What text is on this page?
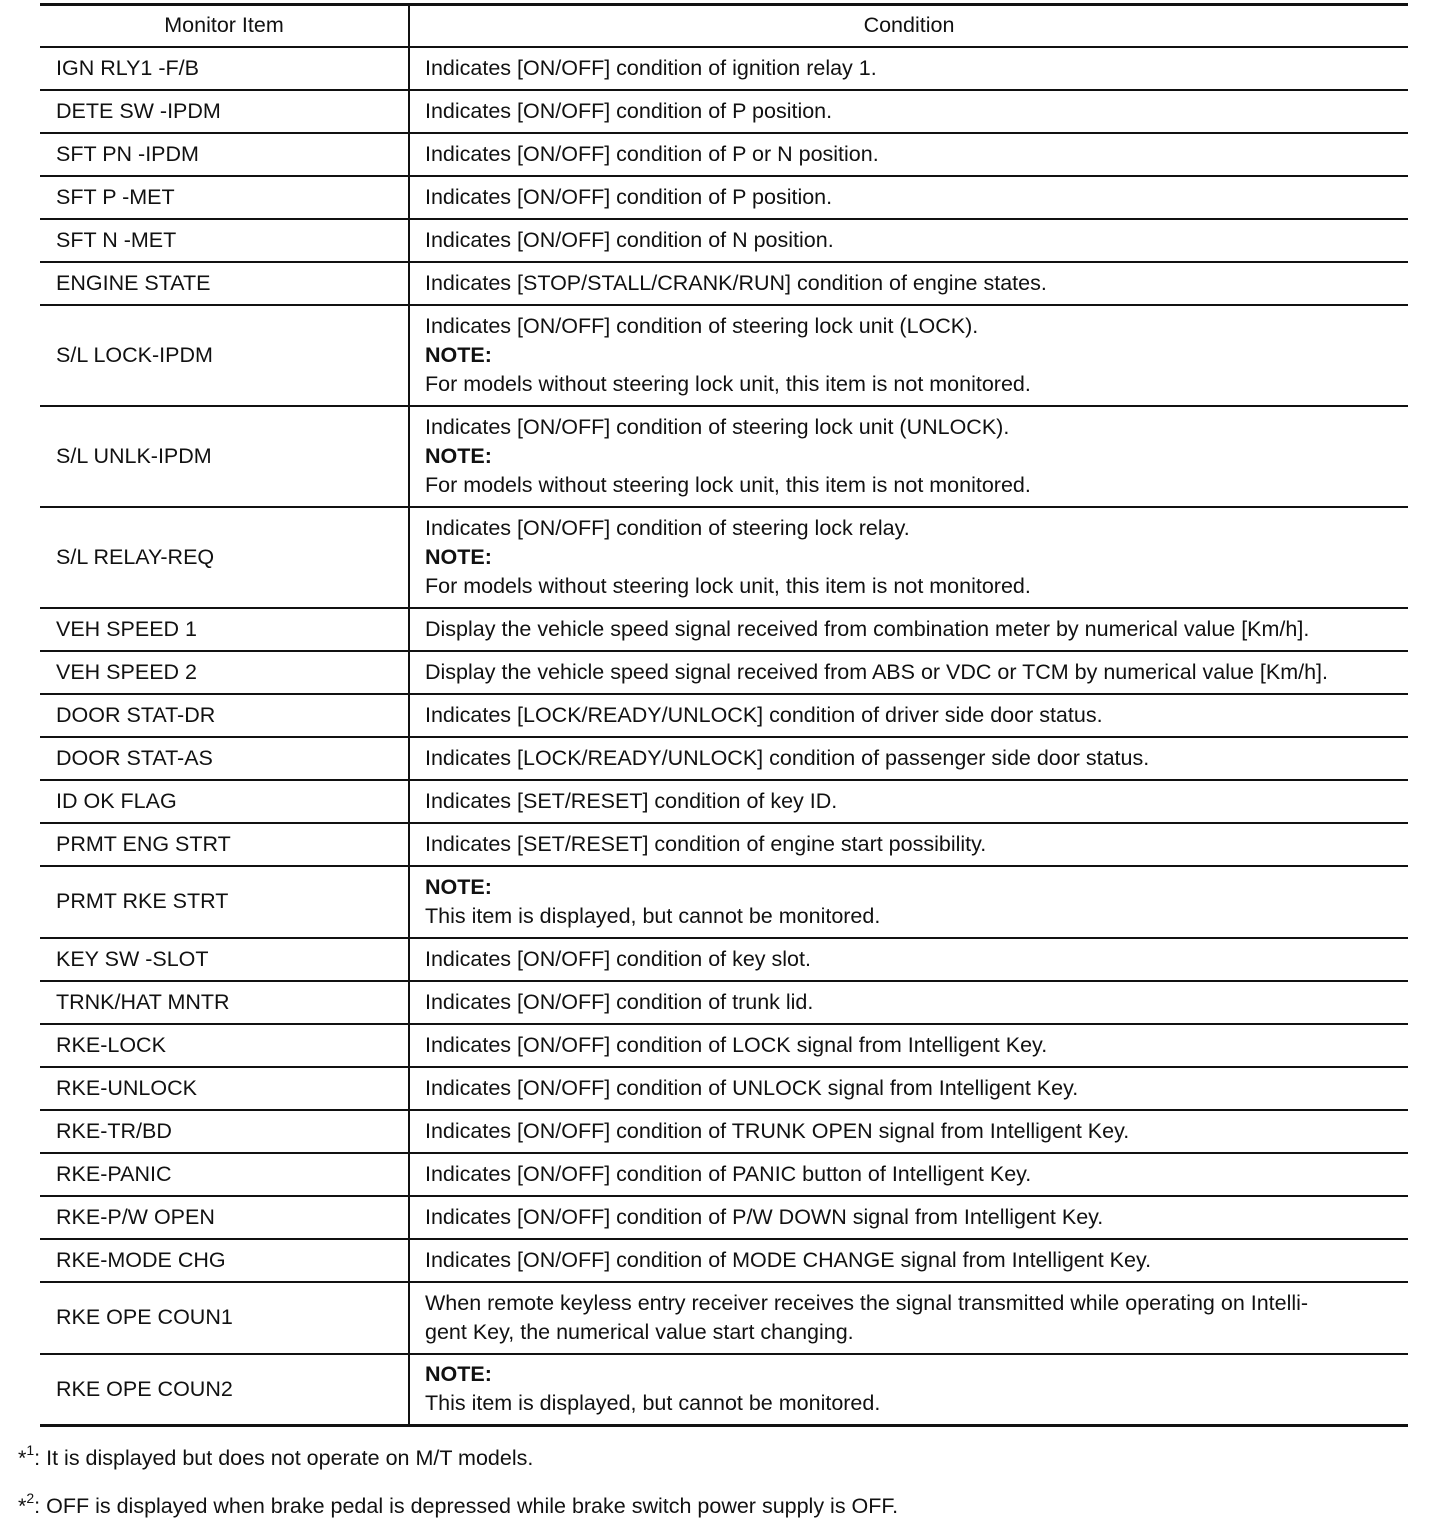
Monitor Item	Condition
IGN RLY1 -F/B	Indicates [ON/OFF] condition of ignition relay 1.

DETE SW -IPDM	Indicates [ON/OFF] condition of P position.

SFT PN -IPDM	Indicates [ON/OFF] condition of P or N position.

SFT P -MET	Indicates [ON/OFF] condition of P position.

SFT N -MET	Indicates [ON/OFF] condition of N position.

ENGINE STATE	Indicates [STOP/STALL/CRANK/RUN] condition of engine states.

S/L LOCK-IPDM	Indicates [ON/OFF] condition of steering lock unit (LOCK).
NOTE:
For models without steering lock unit, this item is not monitored.

S/L UNLK-IPDM	Indicates [ON/OFF] condition of steering lock unit (UNLOCK).
NOTE:
For models without steering lock unit, this item is not monitored.

S/L RELAY-REQ	Indicates [ON/OFF] condition of steering lock relay.
NOTE:
For models without steering lock unit, this item is not monitored.

VEH SPEED 1	Display the vehicle speed signal received from combination meter by numerical value [Km/h].

VEH SPEED 2	Display the vehicle speed signal received from ABS or VDC or TCM by numerical value [Km/h].

DOOR STAT-DR	Indicates [LOCK/READY/UNLOCK] condition of driver side door status.

DOOR STAT-AS	Indicates [LOCK/READY/UNLOCK] condition of passenger side door status.

ID OK FLAG	Indicates [SET/RESET] condition of key ID.

PRMT ENG STRT	Indicates [SET/RESET] condition of engine start possibility.

PRMT RKE STRT	NOTE:
This item is displayed, but cannot be monitored.

KEY SW -SLOT	Indicates [ON/OFF] condition of key slot.

TRNK/HAT MNTR	Indicates [ON/OFF] condition of trunk lid.

RKE-LOCK	Indicates [ON/OFF] condition of LOCK signal from Intelligent Key.

RKE-UNLOCK	Indicates [ON/OFF] condition of UNLOCK signal from Intelligent Key.

RKE-TR/BD	Indicates [ON/OFF] condition of TRUNK OPEN signal from Intelligent Key.

RKE-PANIC	Indicates [ON/OFF] condition of PANIC button of Intelligent Key.

RKE-P/W OPEN	Indicates [ON/OFF] condition of P/W DOWN signal from Intelligent Key.

RKE-MODE CHG	Indicates [ON/OFF] condition of MODE CHANGE signal from Intelligent Key.

RKE OPE COUN1	When remote keyless entry receiver receives the signal transmitted while operating on Intelli-
gent Key, the numerical value start changing.

RKE OPE COUN2	NOTE:
This item is displayed, but cannot be monitored.
*$^1$: It is displayed but does not operate on M/T models.
*$^2$: OFF is displayed when brake pedal is depressed while brake switch power supply is OFF.
